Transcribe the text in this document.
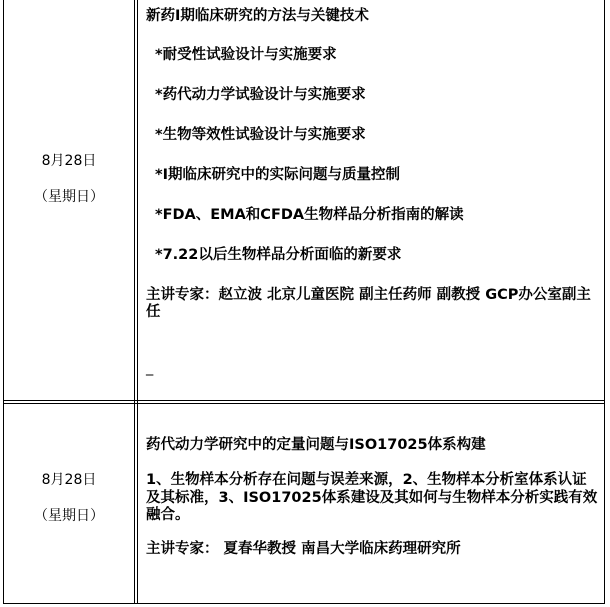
8月28日
（星期日）

新药I期临床研究的方法与关键技术

*耐受性试验设计与实施要求

*药代动力学试验设计与实施要求

*生物等效性试验设计与实施要求

*I期临床研究中的实际问题与质量控制

*FDA、EMA和CFDA生物样品分析指南的解读

*7.22以后生物样品分析面临的新要求

主讲专家：赵立波 北京儿童医院 副主任药师 副教授 GCP办公室副主任

_

8月28日
（星期日）

药代动力学研究中的定量问题与ISO17025体系构建

1、生物样本分析存在问题与误差来源，2、生物样本分析室体系认证及其标准，3、ISO17025体系建设及其如何与生物样本分析实践有效融合。

主讲专家： 夏春华教授 南昌大学临床药理研究所
